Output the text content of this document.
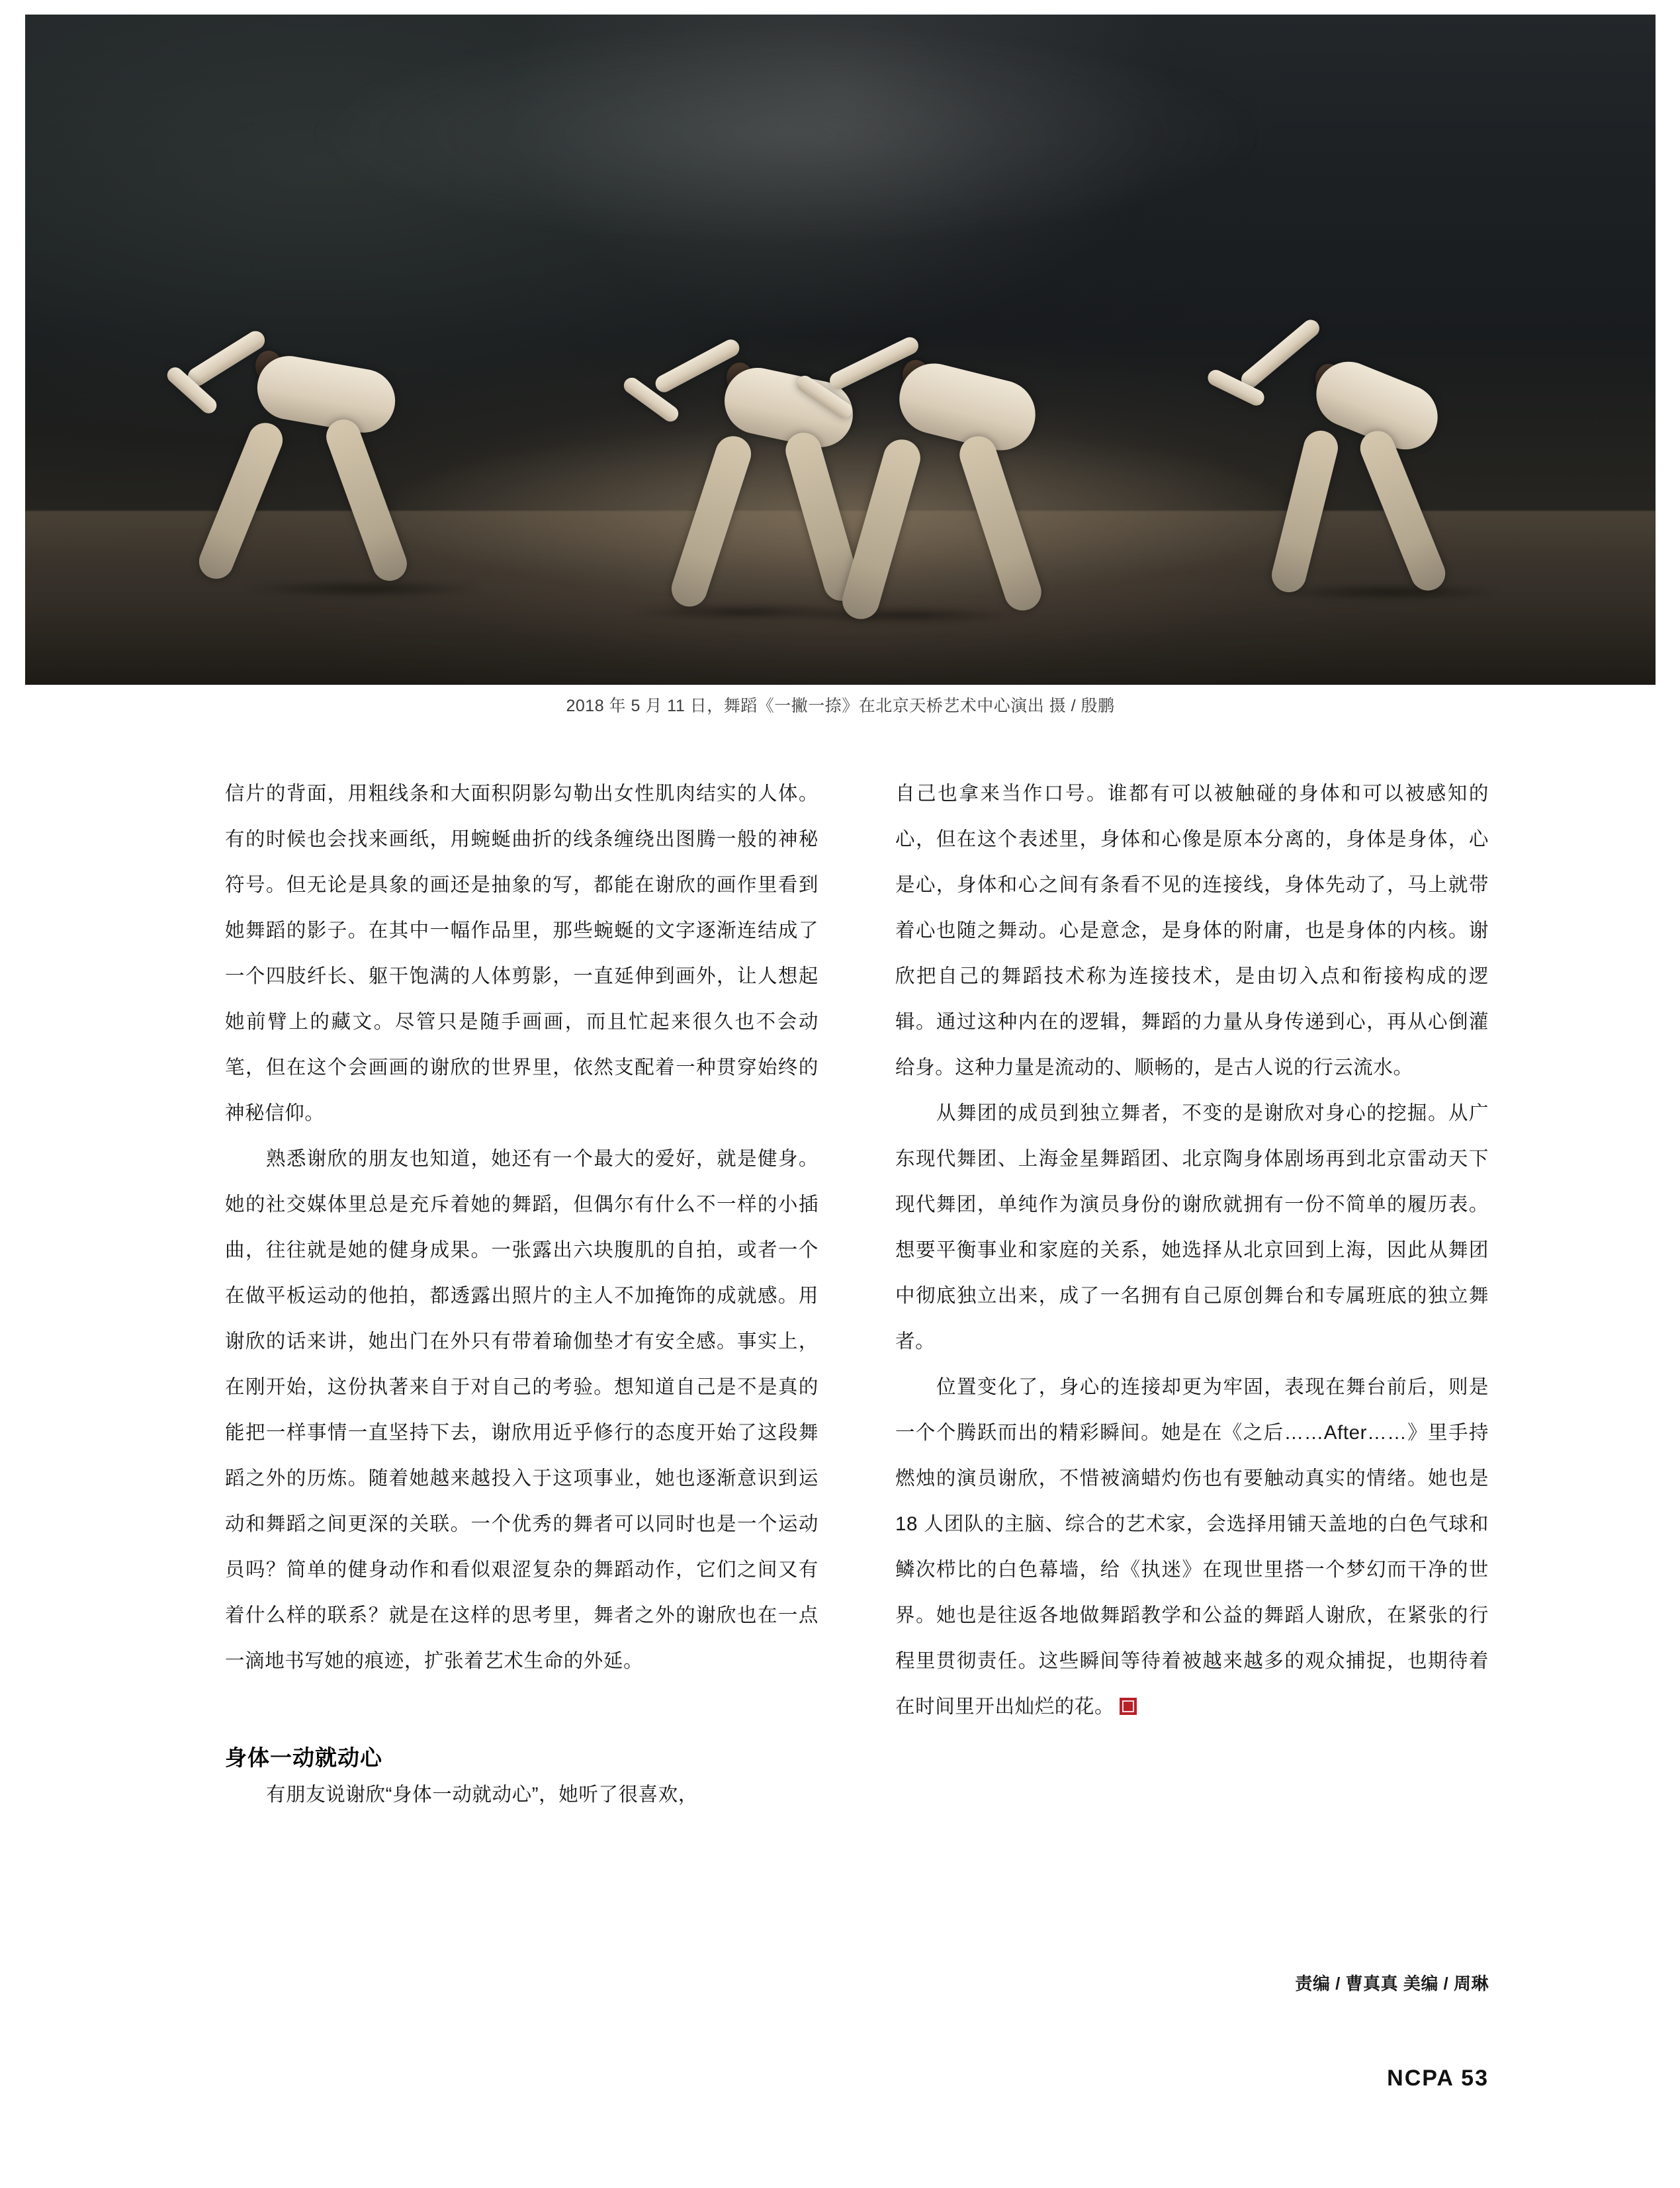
2018 年 5 月 11 日，舞蹈《一撇一捺》在北京天桥艺术中心演出 摄 / 殷鹏

信片的背面，用粗线条和大面积阴影勾勒出女性肌肉结实的人体。有的时候也会找来画纸，用蜿蜒曲折的线条缠绕出图腾一般的神秘符号。但无论是具象的画还是抽象的写，都能在谢欣的画作里看到她舞蹈的影子。在其中一幅作品里，那些蜿蜒的文字逐渐连结成了一个四肢纤长、躯干饱满的人体剪影，一直延伸到画外，让人想起她前臂上的藏文。尽管只是随手画画，而且忙起来很久也不会动笔，但在这个会画画的谢欣的世界里，依然支配着一种贯穿始终的神秘信仰。

熟悉谢欣的朋友也知道，她还有一个最大的爱好，就是健身。她的社交媒体里总是充斥着她的舞蹈，但偶尔有什么不一样的小插曲，往往就是她的健身成果。一张露出六块腹肌的自拍，或者一个在做平板运动的他拍，都透露出照片的主人不加掩饰的成就感。用谢欣的话来讲，她出门在外只有带着瑜伽垫才有安全感。事实上，在刚开始，这份执著来自于对自己的考验。想知道自己是不是真的能把一样事情一直坚持下去，谢欣用近乎修行的态度开始了这段舞蹈之外的历炼。随着她越来越投入于这项事业，她也逐渐意识到运动和舞蹈之间更深的关联。一个优秀的舞者可以同时也是一个运动员吗？简单的健身动作和看似艰涩复杂的舞蹈动作，它们之间又有着什么样的联系？就是在这样的思考里，舞者之外的谢欣也在一点一滴地书写她的痕迹，扩张着艺术生命的外延。

身体一动就动心

有朋友说谢欣“身体一动就动心”，她听了很喜欢，

自己也拿来当作口号。谁都有可以被触碰的身体和可以被感知的心，但在这个表述里，身体和心像是原本分离的，身体是身体，心是心，身体和心之间有条看不见的连接线，身体先动了，马上就带着心也随之舞动。心是意念，是身体的附庸，也是身体的内核。谢欣把自己的舞蹈技术称为连接技术，是由切入点和衔接构成的逻辑。通过这种内在的逻辑，舞蹈的力量从身传递到心，再从心倒灌给身。这种力量是流动的、顺畅的，是古人说的行云流水。

从舞团的成员到独立舞者，不变的是谢欣对身心的挖掘。从广东现代舞团、上海金星舞蹈团、北京陶身体剧场再到北京雷动天下现代舞团，单纯作为演员身份的谢欣就拥有一份不简单的履历表。想要平衡事业和家庭的关系，她选择从北京回到上海，因此从舞团中彻底独立出来，成了一名拥有自己原创舞台和专属班底的独立舞者。

位置变化了，身心的连接却更为牢固，表现在舞台前后，则是一个个腾跃而出的精彩瞬间。她是在《之后……After……》里手持燃烛的演员谢欣，不惜被滴蜡灼伤也有要触动真实的情绪。她也是 18 人团队的主脑、综合的艺术家，会选择用铺天盖地的白色气球和鳞次栉比的白色幕墙，给《执迷》在现世里搭一个梦幻而干净的世界。她也是往返各地做舞蹈教学和公益的舞蹈人谢欣，在紧张的行程里贯彻责任。这些瞬间等待着被越来越多的观众捕捉，也期待着在时间里开出灿烂的花。

责编 / 曹真真 美编 / 周琳
NCPA 53
